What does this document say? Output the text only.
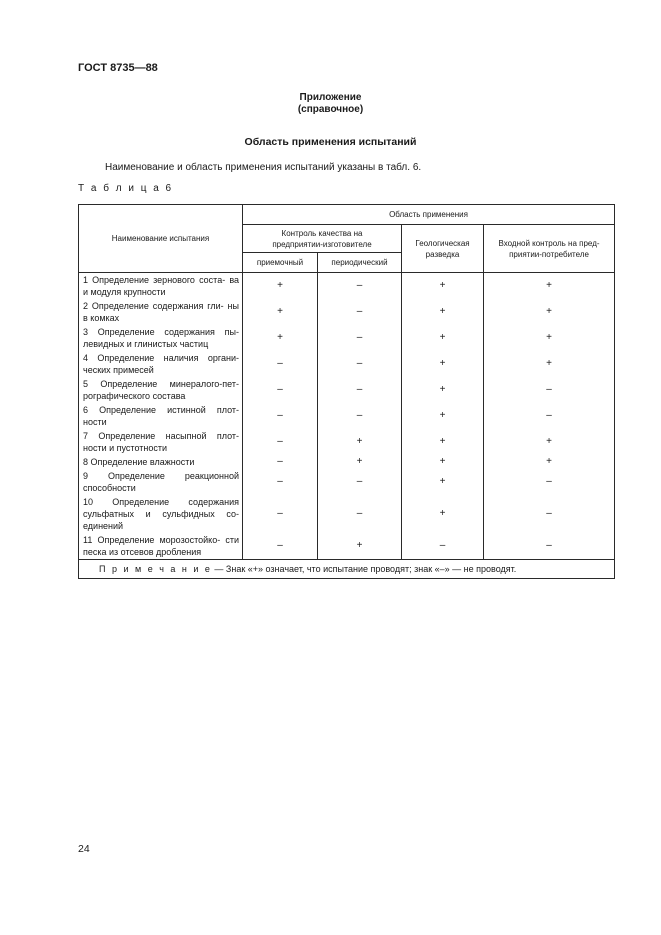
ГОСТ 8735—88
Приложение
(справочное)
Область применения испытаний
Наименование и область применения испытаний указаны в табл. 6.
Т а б л и ц а 6
Наименование испытания	Область применения			
	Контроль качества на предприятии-изготовителе		Геологическая разведка	Входной контроль на пред- приятии-потребителе
	приемочный	периодический		
1 Определение зернового соста- ва и модуля крупности	+	–	+	+
2 Определение содержания гли- ны в комках	+	–	+	+
3 Определение содержания пы- левидных и глинистых частиц	+	–	+	+
4 Определение наличия органи- ческих примесей	–	–	+	+
5 Определение минералого-пет- рографического состава	–	–	+	–
6 Определение истинной плот- ности	–	–	+	–
7 Определение насыпной плот- ности и пустотности	–	+	+	+
8 Определение влажности	–	+	+	+
9 Определение реакционной способности	–	–	+	–
10 Определение содержания сульфатных и сульфидных со- единений	–	–	+	–
11 Определение морозостойко- сти песка из отсевов дробления	–	+	–	–
П р и м е ч а н и е — Знак «+» означает, что испытание проводят; знак «–» — не проводят.				
24
